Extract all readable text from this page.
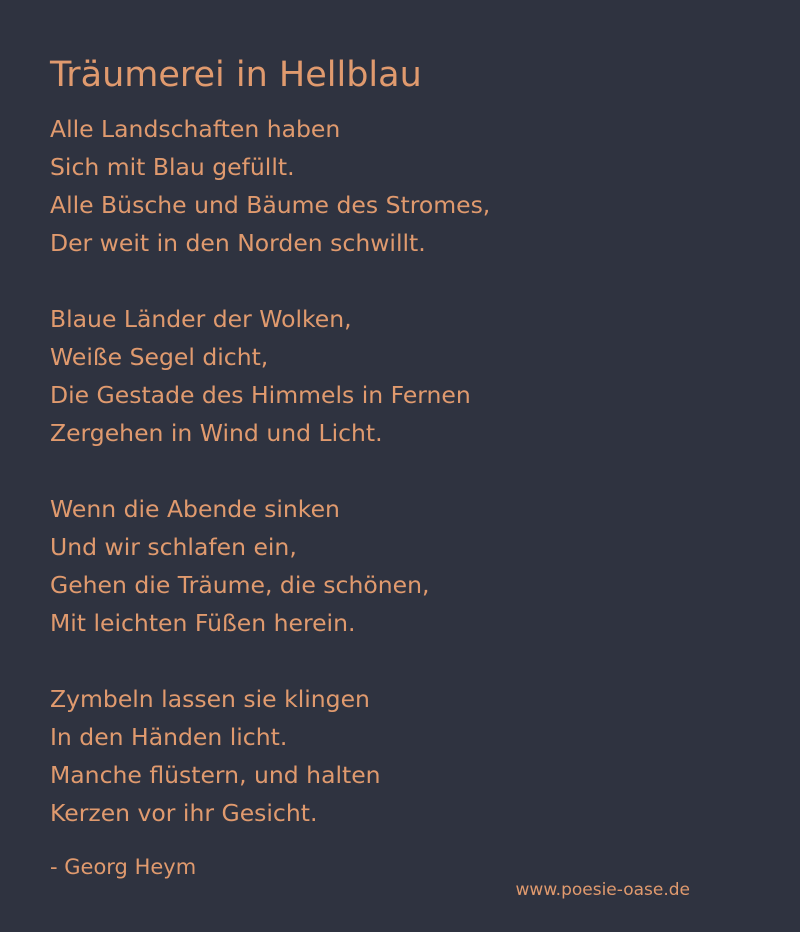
Träumerei in Hellblau
Alle Landschaften haben
Sich mit Blau gefüllt.
Alle Büsche und Bäume des Stromes,
Der weit in den Norden schwillt.
Blaue Länder der Wolken,
Weiße Segel dicht,
Die Gestade des Himmels in Fernen
Zergehen in Wind und Licht.
Wenn die Abende sinken
Und wir schlafen ein,
Gehen die Träume, die schönen,
Mit leichten Füßen herein.
Zymbeln lassen sie klingen
In den Händen licht.
Manche flüstern, und halten
Kerzen vor ihr Gesicht.
- Georg Heym
www.poesie-oase.de
